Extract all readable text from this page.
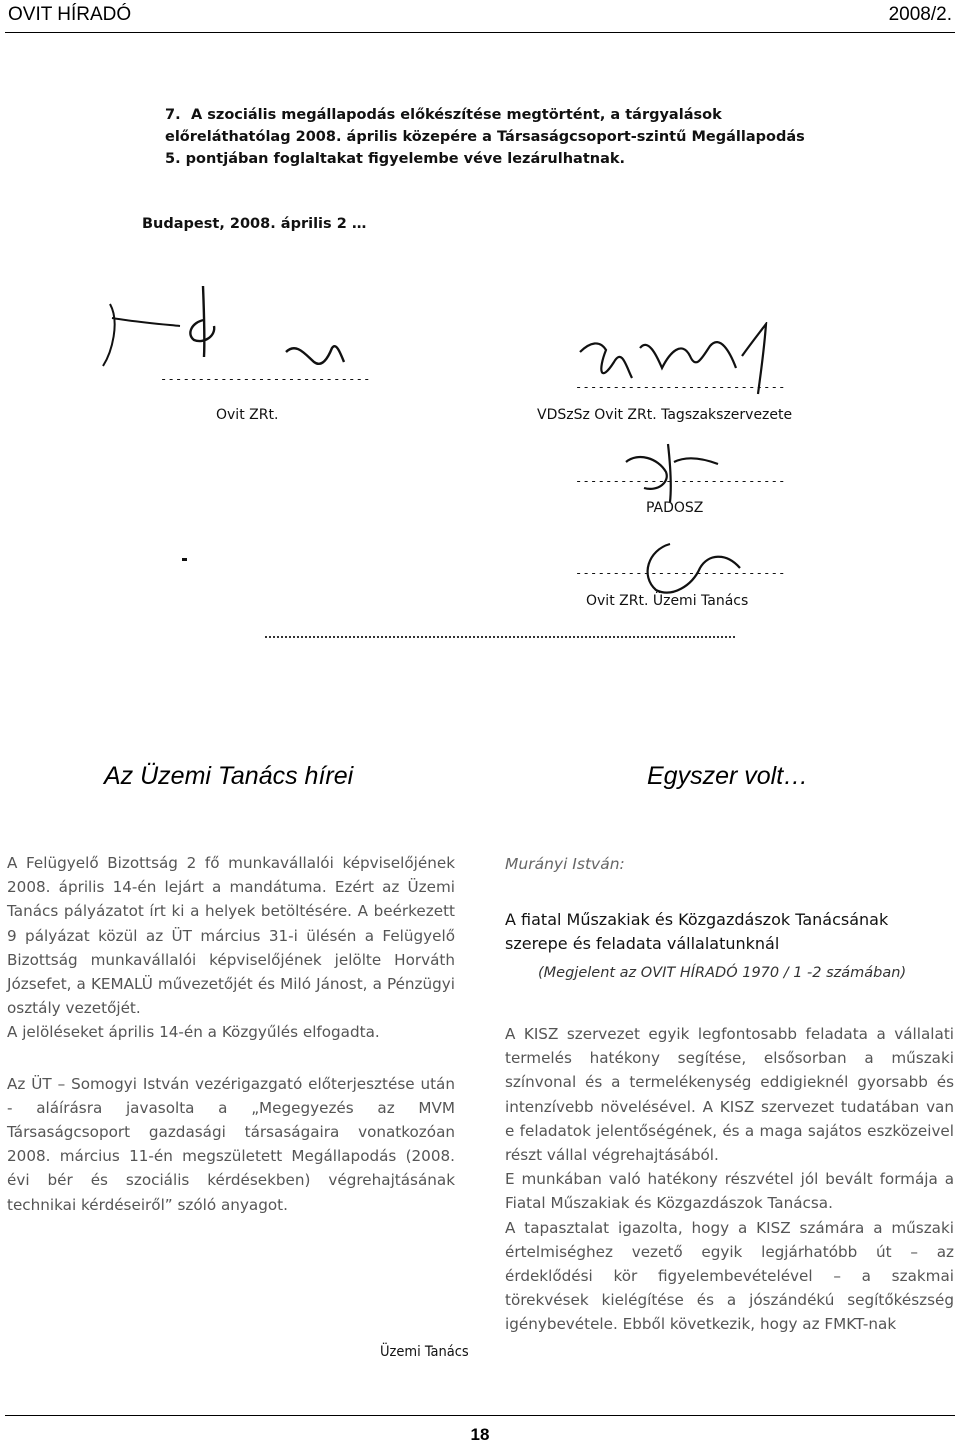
OVIT HÍRADÓ	2008/2.
7. A szociális megállapodás előkészítése megtörtént, a tárgyalások előreláthatólag 2008. április közepére a Társaságcsoport-szintű Megállapodás 5. pontjában foglaltakat figyelembe véve lezárulhatnak.
Budapest, 2008. április 2 …
----------------------------
Ovit ZRt.
----------------------------
VDSzSz Ovit ZRt. Tagszakszervezete
----------------------------
PADOSZ
----------------------------
Ovit ZRt. Üzemi Tanács
Az Üzemi Tanács hírei	Egyszer volt…

A Felügyelő Bizottság 2 fő munkavállalói képviselőjének 2008. április 14-én lejárt a mandátuma. Ezért az Üzemi Tanács pályázatot írt ki a helyek betöltésére. A beérkezett 9 pályázat közül az ÜT március 31-i ülésén a Felügyelő Bizottság munkavállalói képviselőjének jelölte Horváth Józsefet, a KEMALÜ művezetőjét és Miló Jánost, a Pénzügyi osztály vezetőjét.

A jelöléseket április 14-én a Közgyűlés elfogadta.

Az ÜT – Somogyi István vezérigazgató előterjesztése után - aláírásra javasolta a „Megegyezés az MVM Társaságcsoport gazdasági társaságaira vonatkozóan 2008. március 11-én megszületett Megállapodás (2008. évi bér és szociális kérdésekben) végrehajtásának technikai kérdéseiről” szóló anyagot.

Üzemi Tanács
Murányi István:
A fiatal Műszakiak és Közgazdászok Tanácsának szerepe és feladata vállalatunknál
(Megjelent az OVIT HÍRADÓ 1970 / 1 -2 számában)

A KISZ szervezet egyik legfontosabb feladata a vállalati termelés hatékony segítése, elsősorban a műszaki színvonal és a termelékenység eddigieknél gyorsabb és intenzívebb növelésével. A KISZ szervezet tudatában van e feladatok jelentőségének, és a maga sajátos eszközeivel részt vállal végrehajtásából.

E munkában való hatékony részvétel jól bevált formája a Fiatal Műszakiak és Közgazdászok Tanácsa.

A tapasztalat igazolta, hogy a KISZ számára a műszaki értelmiséghez vezető egyik legjárhatóbb út – az érdeklődési kör figyelembevételével – a szakmai törekvések kielégítése és a jószándékú segítőkészség igénybevétele. Ebből következik, hogy az FMKT-nak

18
